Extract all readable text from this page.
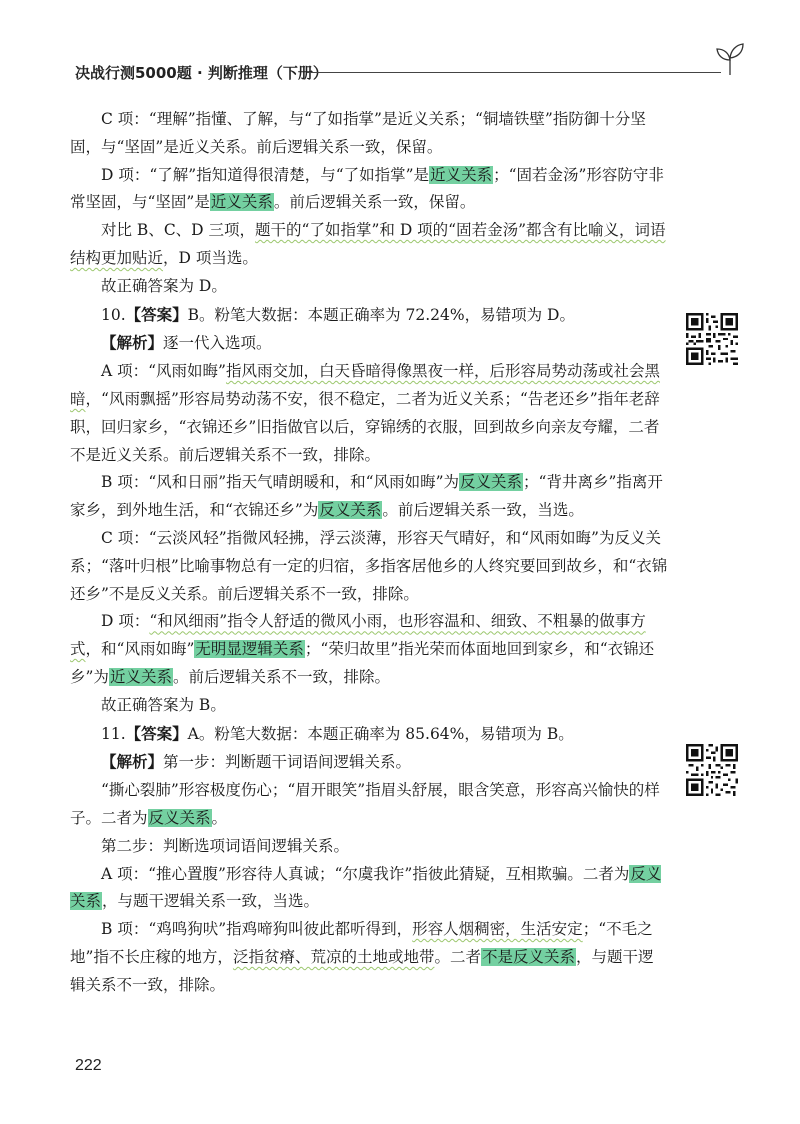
决战行测5000题 · 判断推理（下册）

C 项：“理解”指懂、了解，与“了如指掌”是近义关系；“铜墙铁壁”指防御十分坚固，与“坚固”是近义关系。前后逻辑关系一致，保留。

D 项：“了解”指知道得很清楚，与“了如指掌”是近义关系；“固若金汤”形容防守非常坚固，与“坚固”是近义关系。前后逻辑关系一致，保留。

对比 B、C、D 三项，题干的“了如指掌”和 D 项的“固若金汤”都含有比喻义，词语结构更加贴近，D 项当选。

故正确答案为 D。

10.【答案】B。粉笔大数据：本题正确率为 72.24%，易错项为 D。

【解析】逐一代入选项。

A 项：“风雨如晦”指风雨交加，白天昏暗得像黑夜一样，后形容局势动荡或社会黑暗，“风雨飘摇”形容局势动荡不安，很不稳定，二者为近义关系；“告老还乡”指年老辞职，回归家乡，“衣锦还乡”旧指做官以后，穿锦绣的衣服，回到故乡向亲友夸耀，二者不是近义关系。前后逻辑关系不一致，排除。

B 项：“风和日丽”指天气晴朗暖和，和“风雨如晦”为反义关系；“背井离乡”指离开家乡，到外地生活，和“衣锦还乡”为反义关系。前后逻辑关系一致，当选。

C 项：“云淡风轻”指微风轻拂，浮云淡薄，形容天气晴好，和“风雨如晦”为反义关系；“落叶归根”比喻事物总有一定的归宿，多指客居他乡的人终究要回到故乡，和“衣锦还乡”不是反义关系。前后逻辑关系不一致，排除。

D 项：“和风细雨”指令人舒适的微风小雨，也形容温和、细致、不粗暴的做事方式，和“风雨如晦”无明显逻辑关系；“荣归故里”指光荣而体面地回到家乡，和“衣锦还乡”为近义关系。前后逻辑关系不一致，排除。

故正确答案为 B。

11.【答案】A。粉笔大数据：本题正确率为 85.64%，易错项为 B。

【解析】第一步：判断题干词语间逻辑关系。

“撕心裂肺”形容极度伤心；“眉开眼笑”指眉头舒展，眼含笑意，形容高兴愉快的样子。二者为反义关系。

第二步：判断选项词语间逻辑关系。

A 项：“推心置腹”形容待人真诚；“尔虞我诈”指彼此猜疑，互相欺骗。二者为反义关系，与题干逻辑关系一致，当选。

B 项：“鸡鸣狗吠”指鸡啼狗叫彼此都听得到，形容人烟稠密，生活安定；“不毛之地”指不长庄稼的地方，泛指贫瘠、荒凉的土地或地带。二者不是反义关系，与题干逻辑关系不一致，排除。

222
